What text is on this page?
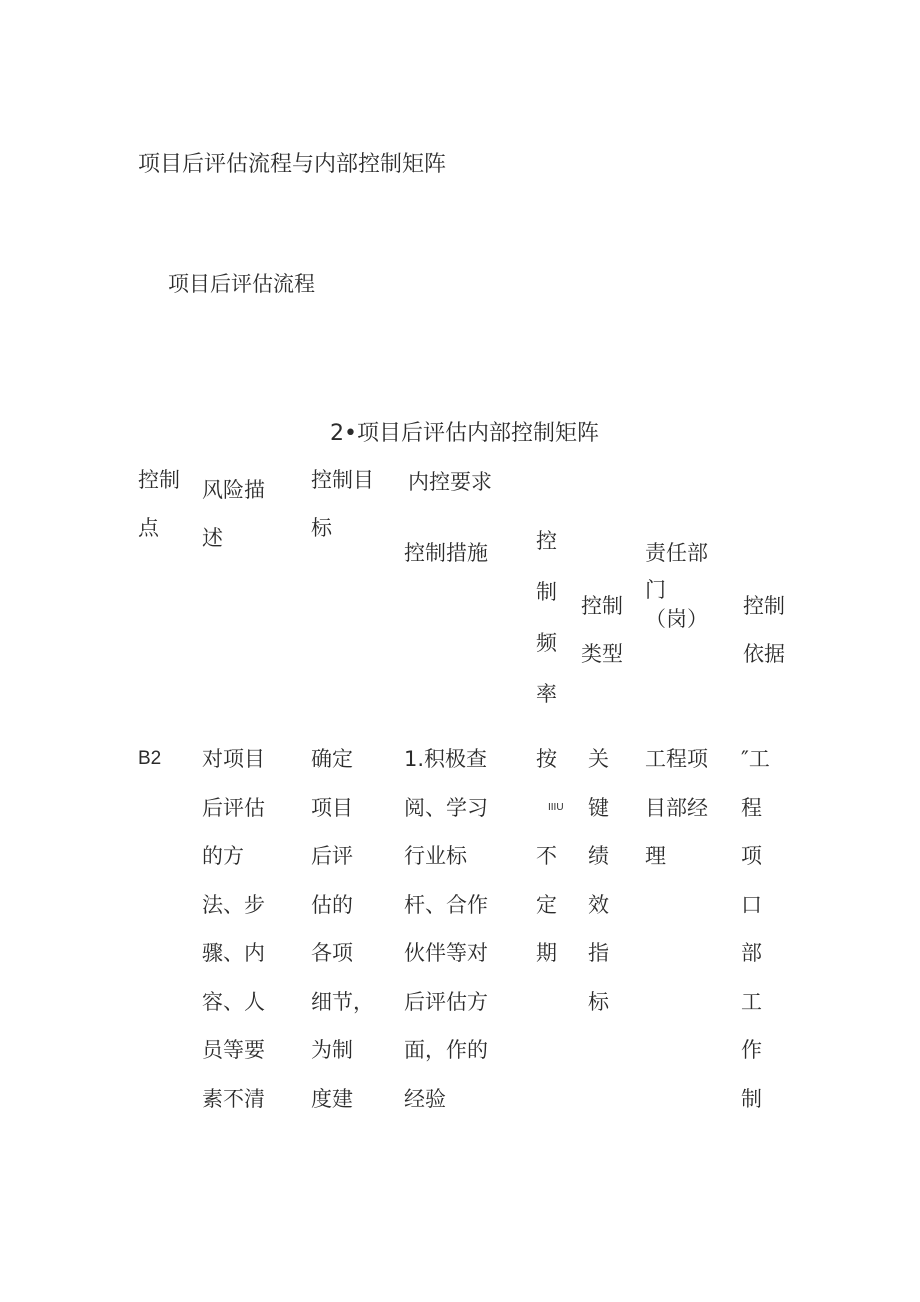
项目后评估流程与内部控制矩阵
项目后评估流程
2•项目后评估内部控制矩阵
控制
点
风险描
述
控制目
标
内控要求
控制措施 控
制
频
率
控制
类型
责任部
门
（岗）
控制
依据
B2 对项目
后评估
的方
法、步
骤、内
容、人
员等要
素不清
确定
项目
后评
估的
各项
细节，
为制
度建
1.积极查
阅、学习
行业标
杆、合作
伙伴等对
后评估方
面，作的
经验
按
IIIU
不
定
期
关
键
绩
效
指
标
工程项
目部经
理
″工
程
项
口
部
工
作
制
